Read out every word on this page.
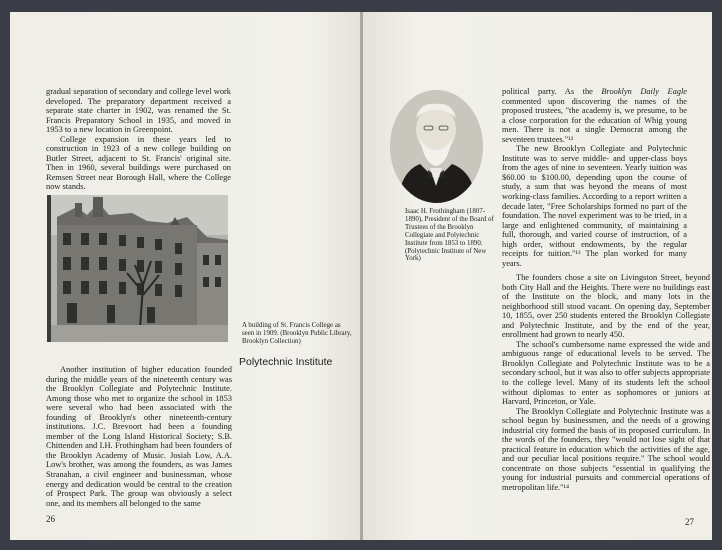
gradual separation of secondary and college level work developed. The preparatory department received a separate state charter in 1902, was renamed the St. Francis Preparatory School in 1935, and moved in 1953 to a new location in Greenpoint.

College expansion in these years led to construction in 1923 of a new college building on Butler Street, adjacent to St. Francis' original site. Then in 1960, several buildings were purchased on Remsen Street near Borough Hall, where the College now stands.

A building of St. Francis College as seen in 1909. (Brooklyn Public Library, Brooklyn Collection)

Polytechnic Institute

Another institution of higher education founded during the middle years of the nineteenth century was the Brooklyn Collegiate and Polytechnic Institute. Among those who met to organize the school in 1853 were several who had been associated with the founding of Brooklyn's other nineteenth-century institutions. J.C. Brevoort had been a founding member of the Long Island Historical Society; S.B. Chittenden and I.H. Frothingham had been founders of the Brooklyn Academy of Music. Josiah Low, A.A. Low's brother, was among the founders, as was James Stranahan, a civil engineer and businessman, whose energy and dedication would be central to the creation of Prospect Park. The group was obviously a select one, and its members all belonged to the same

26

Isaac H. Frothingham (1807-1890), President of the Board of Trustees of the Brooklyn Collegiate and Polytechnic Institute from 1853 to 1890. (Polytechnic Institute of New York)

political party. As the Brooklyn Daily Eagle commented upon discovering the names of the proposed trustees, "the academy is, we presume, to be a close corporation for the education of Whig young men. There is not a single Democrat among the seventeen trustees."¹²

The new Brooklyn Collegiate and Polytechnic Institute was to serve middle- and upper-class boys from the ages of nine to seventeen. Yearly tuition was $60.00 to $100.00, depending upon the course of study, a sum that was beyond the means of most working-class families. According to a report written a decade later, "Free Scholarships formed no part of the foundation. The novel experiment was to be tried, in a large and enlightened community, of maintaining a full, thorough, and varied course of instruction, of a high order, without endowments, by the regular receipts for tuition."¹³ The plan worked for many years.

The founders chose a site on Livingston Street, beyond both City Hall and the Heights. There were no buildings east of the Institute on the block, and many lots in the neighborhood still stood vacant. On opening day, September 10, 1855, over 250 students entered the Brooklyn Collegiate and Polytechnic Institute, and by the end of the year, enrollment had grown to nearly 450.

The school's cumbersome name expressed the wide and ambiguous range of educational levels to be served. The Brooklyn Collegiate and Polytechnic Institute was to be a secondary school, but it was also to offer subjects appropriate to the college level. Many of its students left the school without diplomas to enter as sophomores or juniors at Harvard, Princeton, or Yale.

The Brooklyn Collegiate and Polytechnic Institute was a school begun by businessmen, and the needs of a growing industrial city formed the basis of its proposed curriculum. In the words of the founders, they "would not lose sight of that practical feature in education which the activities of the age, and our peculiar local positions require." The school would concentrate on those subjects "essential in qualifying the young for industrial pursuits and commercial operations of metropolitan life."¹⁴

27
